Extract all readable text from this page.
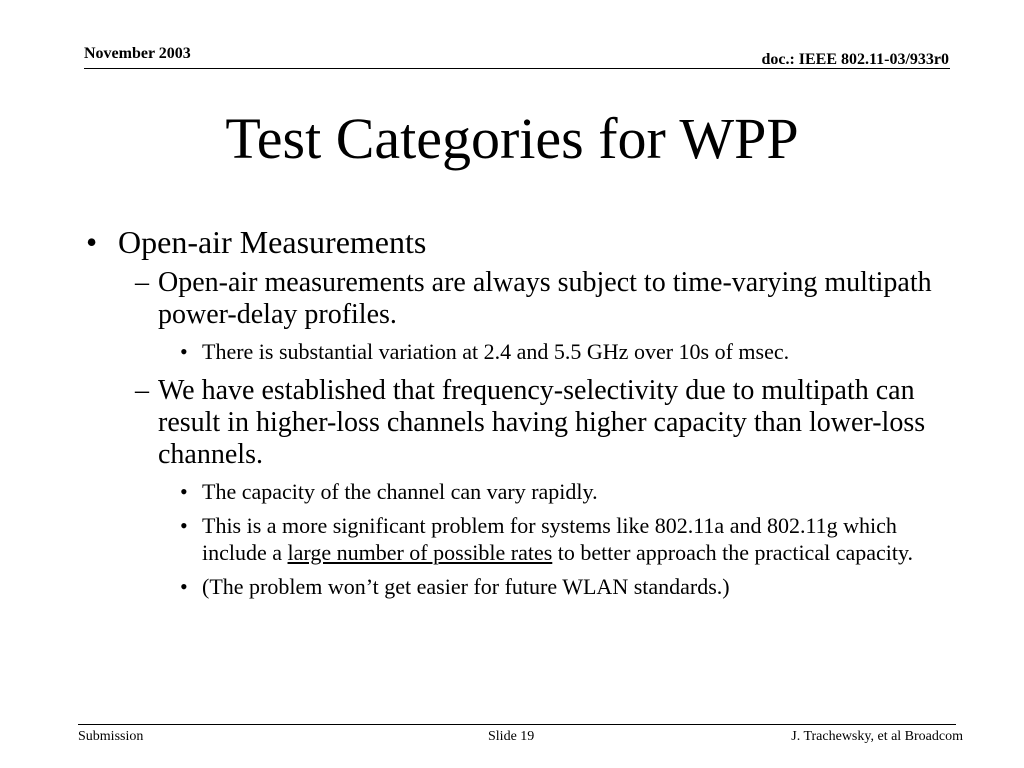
November 2003	doc.: IEEE 802.11-03/933r0
Test Categories for WPP
• Open-air Measurements
– Open-air measurements are always subject to time-varying multipath power-delay profiles.
• There is substantial variation at 2.4 and 5.5 GHz over 10s of msec.
– We have established that frequency-selectivity due to multipath can result in higher-loss channels having higher capacity than lower-loss channels.
• The capacity of the channel can vary rapidly.
• This is a more significant problem for systems like 802.11a and 802.11g which include a large number of possible rates to better approach the practical capacity.
• (The problem won’t get easier for future WLAN standards.)
Submission	Slide 19	J. Trachewsky, et al Broadcom
